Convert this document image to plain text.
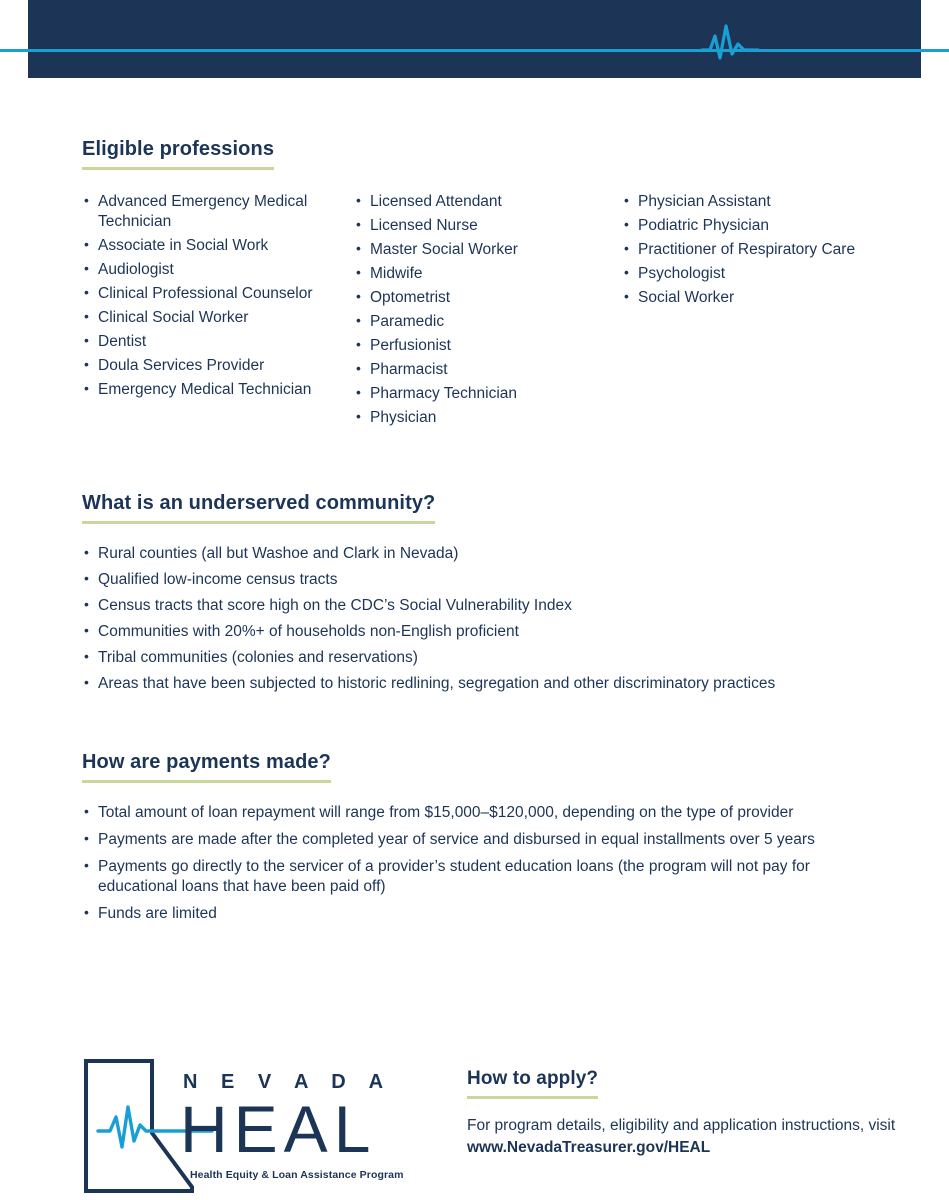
Eligible professions
• Advanced Emergency Medical Technician
• Associate in Social Work
• Audiologist
• Clinical Professional Counselor
• Clinical Social Worker
• Dentist
• Doula Services Provider
• Emergency Medical Technician
• Licensed Attendant
• Licensed Nurse
• Master Social Worker
• Midwife
• Optometrist
• Paramedic
• Perfusionist
• Pharmacist
• Pharmacy Technician
• Physician
• Physician Assistant
• Podiatric Physician
• Practitioner of Respiratory Care
• Psychologist
• Social Worker
What is an underserved community?
• Rural counties (all but Washoe and Clark in Nevada)
• Qualified low-income census tracts
• Census tracts that score high on the CDC’s Social Vulnerability Index
• Communities with 20%+ of households non-English proficient
• Tribal communities (colonies and reservations)
• Areas that have been subjected to historic redlining, segregation and other discriminatory practices
How are payments made?
• Total amount of loan repayment will range from $15,000–$120,000, depending on the type of provider
• Payments are made after the completed year of service and disbursed in equal installments over 5 years
• Payments go directly to the servicer of a provider’s student education loans (the program will not pay for educational loans that have been paid off)
• Funds are limited
N E V A D A
HEAL
Health Equity & Loan Assistance Program
How to apply?

For program details, eligibility and application instructions, visit www.NevadaTreasurer.gov/HEAL
